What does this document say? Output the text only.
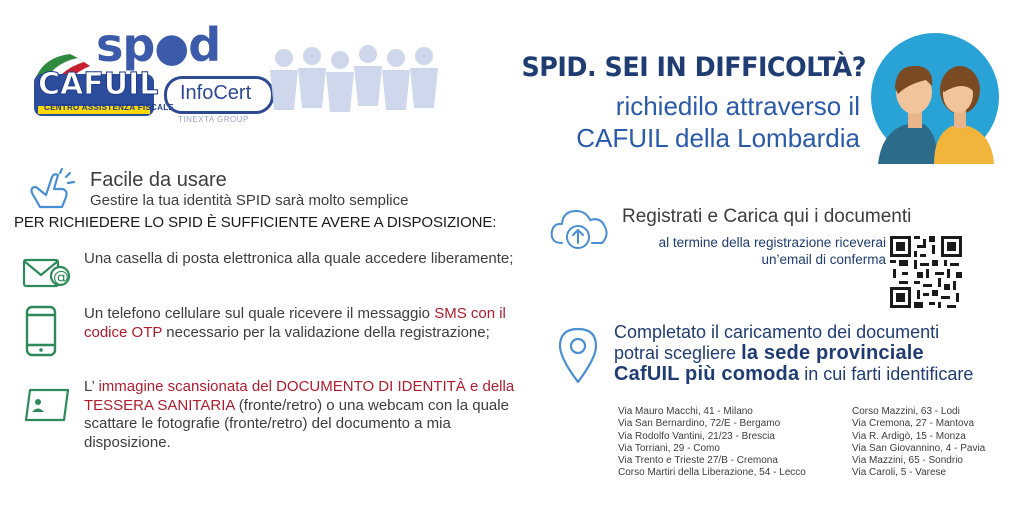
CAFUIL
CENTRO ASSISTENZA FISCALE
sp●d
InfoCert
TINEXTA GROUP
SPID. SEI IN DIFFICOLTÀ?
richiedilo attraverso il
CAFUIL della Lombardia
Facile da usare
Gestire la tua identità SPID sarà molto semplice
PER RICHIEDERE LO SPID È SUFFICIENTE AVERE A DISPOSIZIONE:
@
Una casella di posta elettronica alla quale accedere liberamente;
Un telefono cellulare sul quale ricevere il messaggio SMS con il codice OTP necessario per la validazione della registrazione;
L’ immagine scansionata del DOCUMENTO DI IDENTITÀ e della TESSERA SANITARIA (fronte/retro) o una webcam con la quale scattare le fotografie (fronte/retro) del documento a mia disposizione.
Registrati e Carica qui i documenti
al termine della registrazione riceverai
un’email di conferma
Completato il caricamento dei documenti
potrai scegliere la sede provinciale
CafUIL più comoda in cui farti identificare
Via Mauro Macchi, 41 - Milano
Via San Bernardino, 72/E - Bergamo
Via Rodolfo Vantini, 21/23 - Brescia
Via Torriani, 29 - Como
Via Trento e Trieste 27/B - Cremona
Corso Martiri della Liberazione, 54 - Lecco
Corso Mazzini, 63 - Lodi
Via Cremona, 27 - Mantova
Via R. Ardigò, 15 - Monza
Via San Giovannino, 4 - Pavia
Via Mazzini, 65 - Sondrio
Via Caroli, 5 - Varese
